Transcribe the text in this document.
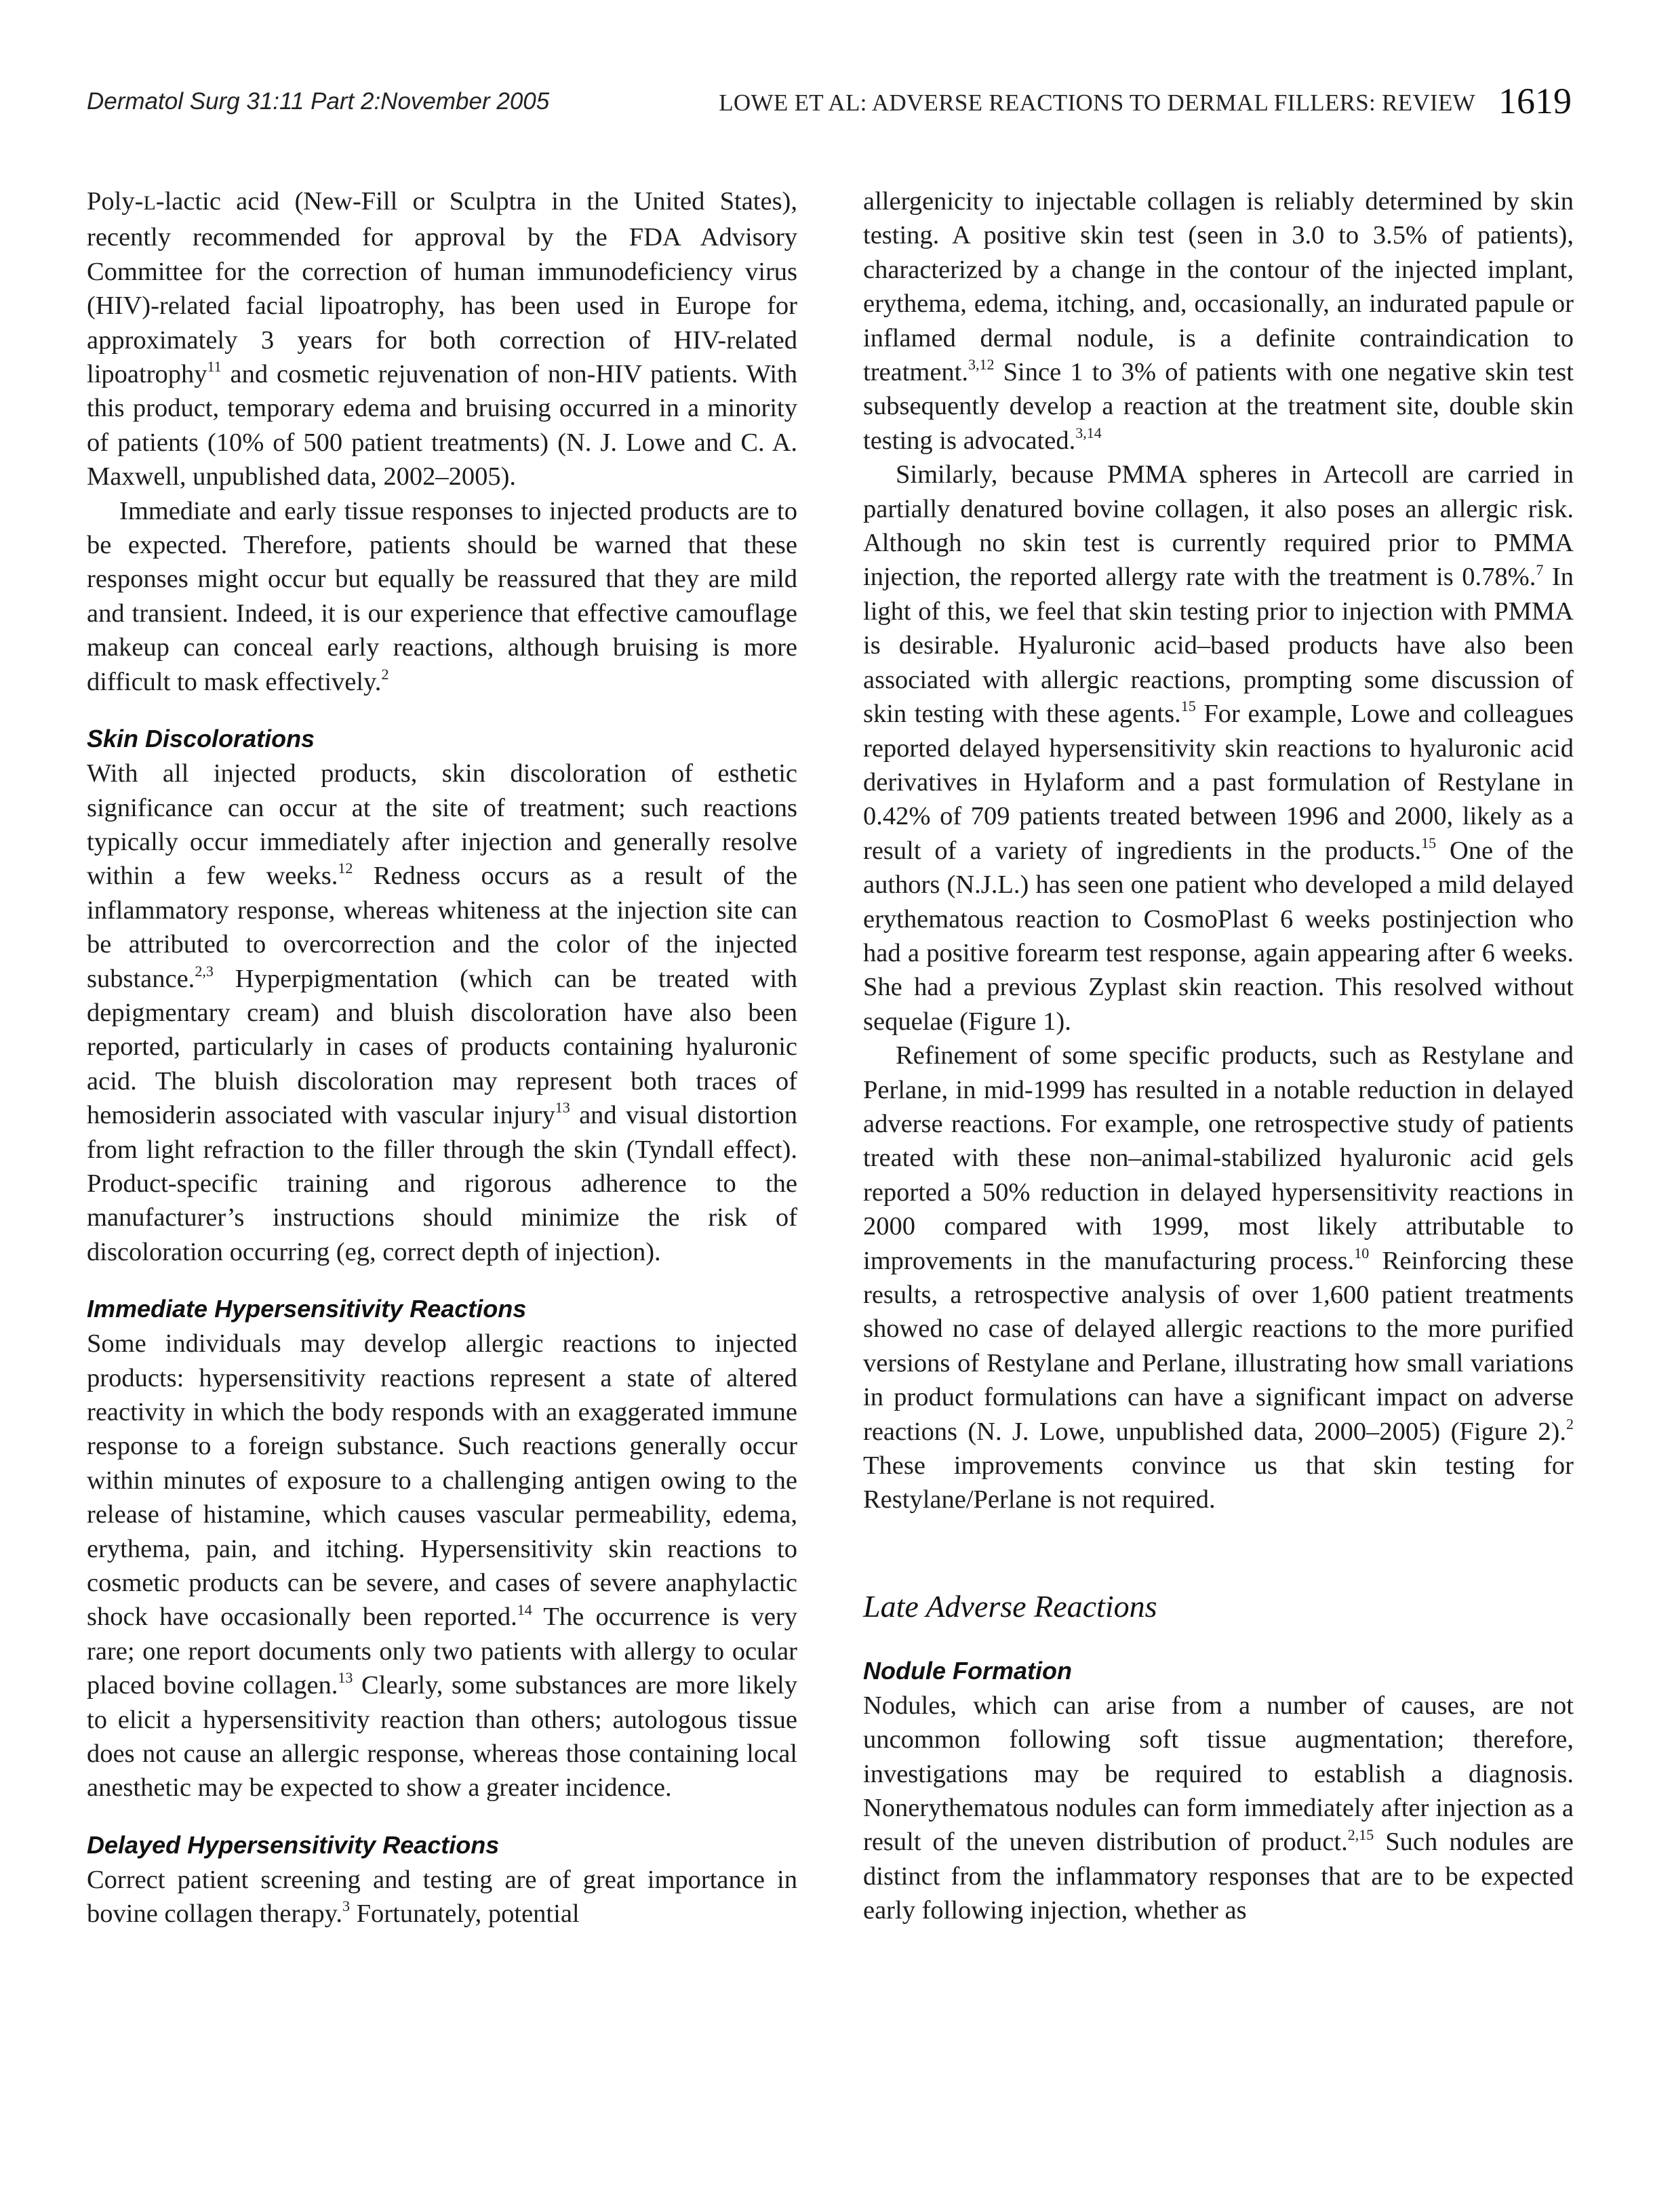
Dermatol Surg 31:11 Part 2:November 2005	LOWE ET AL: ADVERSE REACTIONS TO DERMAL FILLERS: REVIEW 1619

Poly-L-lactic acid (New-Fill or Sculptra in the United States), recently recommended for approval by the FDA Advisory Committee for the correction of human immunodeficiency virus (HIV)-related facial lipoatrophy, has been used in Europe for approximately 3 years for both correction of HIV-related lipoatrophy$^{11}$ and cosmetic rejuvenation of non-HIV patients. With this product, temporary edema and bruising occurred in a minority of patients (10% of 500 patient treatments) (N. J. Lowe and C. A. Maxwell, unpublished data, 2002–2005).

Immediate and early tissue responses to injected products are to be expected. Therefore, patients should be warned that these responses might occur but equally be reassured that they are mild and transient. Indeed, it is our experience that effective camouflage makeup can conceal early reactions, although bruising is more difficult to mask effectively.$^2$

Skin Discolorations

With all injected products, skin discoloration of esthetic significance can occur at the site of treatment; such reactions typically occur immediately after injection and generally resolve within a few weeks.$^{12}$ Redness occurs as a result of the inflammatory response, whereas whiteness at the injection site can be attributed to overcorrection and the color of the injected substance.$^{2,3}$ Hyperpigmentation (which can be treated with depigmentary cream) and bluish discoloration have also been reported, particularly in cases of products containing hyaluronic acid. The bluish discoloration may represent both traces of hemosiderin associated with vascular injury$^{13}$ and visual distortion from light refraction to the filler through the skin (Tyndall effect). Product-specific training and rigorous adherence to the manufacturer’s instructions should minimize the risk of discoloration occurring (eg, correct depth of injection).

Immediate Hypersensitivity Reactions

Some individuals may develop allergic reactions to injected products: hypersensitivity reactions represent a state of altered reactivity in which the body responds with an exaggerated immune response to a foreign substance. Such reactions generally occur within minutes of exposure to a challenging antigen owing to the release of histamine, which causes vascular permeability, edema, erythema, pain, and itching. Hypersensitivity skin reactions to cosmetic products can be severe, and cases of severe anaphylactic shock have occasionally been reported.$^{14}$ The occurrence is very rare; one report documents only two patients with allergy to ocular placed bovine collagen.$^{13}$ Clearly, some substances are more likely to elicit a hypersensitivity reaction than others; autologous tissue does not cause an allergic response, whereas those containing local anesthetic may be expected to show a greater incidence.

Delayed Hypersensitivity Reactions

Correct patient screening and testing are of great importance in bovine collagen therapy.$^3$ Fortunately, potential

allergenicity to injectable collagen is reliably determined by skin testing. A positive skin test (seen in 3.0 to 3.5% of patients), characterized by a change in the contour of the injected implant, erythema, edema, itching, and, occasionally, an indurated papule or inflamed dermal nodule, is a definite contraindication to treatment.$^{3,12}$ Since 1 to 3% of patients with one negative skin test subsequently develop a reaction at the treatment site, double skin testing is advocated.$^{3,14}$

Similarly, because PMMA spheres in Artecoll are carried in partially denatured bovine collagen, it also poses an allergic risk. Although no skin test is currently required prior to PMMA injection, the reported allergy rate with the treatment is 0.78%.$^7$ In light of this, we feel that skin testing prior to injection with PMMA is desirable. Hyaluronic acid–based products have also been associated with allergic reactions, prompting some discussion of skin testing with these agents.$^{15}$ For example, Lowe and colleagues reported delayed hypersensitivity skin reactions to hyaluronic acid derivatives in Hylaform and a past formulation of Restylane in 0.42% of 709 patients treated between 1996 and 2000, likely as a result of a variety of ingredients in the products.$^{15}$ One of the authors (N.J.L.) has seen one patient who developed a mild delayed erythematous reaction to CosmoPlast 6 weeks postinjection who had a positive forearm test response, again appearing after 6 weeks. She had a previous Zyplast skin reaction. This resolved without sequelae (Figure 1).

Refinement of some specific products, such as Restylane and Perlane, in mid-1999 has resulted in a notable reduction in delayed adverse reactions. For example, one retrospective study of patients treated with these non–animal-stabilized hyaluronic acid gels reported a 50% reduction in delayed hypersensitivity reactions in 2000 compared with 1999, most likely attributable to improvements in the manufacturing process.$^{10}$ Reinforcing these results, a retrospective analysis of over 1,600 patient treatments showed no case of delayed allergic reactions to the more purified versions of Restylane and Perlane, illustrating how small variations in product formulations can have a significant impact on adverse reactions (N. J. Lowe, unpublished data, 2000–2005) (Figure 2).$^2$ These improvements convince us that skin testing for Restylane/Perlane is not required.

Late Adverse Reactions
Nodule Formation

Nodules, which can arise from a number of causes, are not uncommon following soft tissue augmentation; therefore, investigations may be required to establish a diagnosis. Nonerythematous nodules can form immediately after injection as a result of the uneven distribution of product.$^{2,15}$ Such nodules are distinct from the inflammatory responses that are to be expected early following injection, whether as
